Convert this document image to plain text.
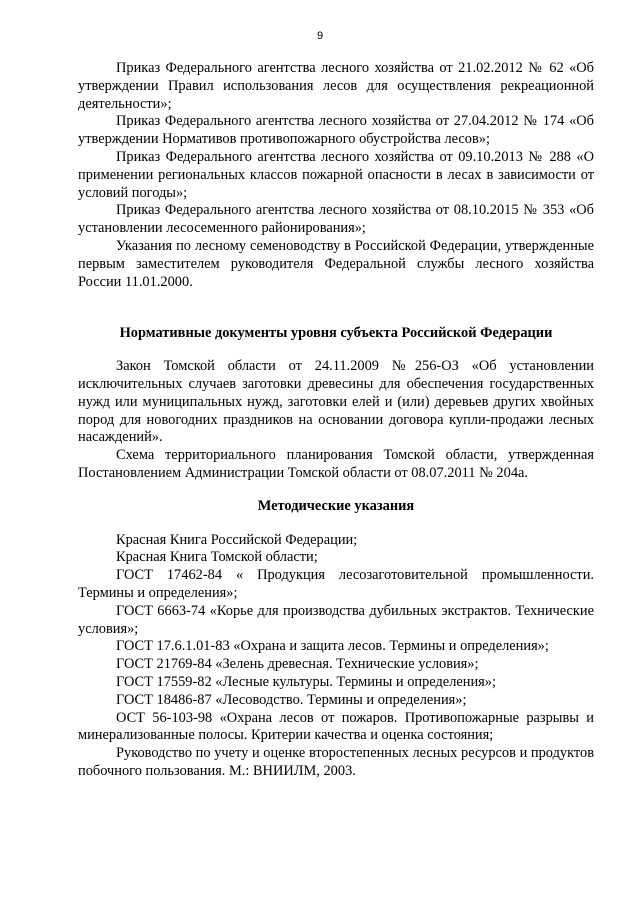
9

Приказ Федерального агентства лесного хозяйства от 21.02.2012 № 62 «Об утверждении Правил использования лесов для осуществления рекреационной деятельности»;

Приказ Федерального агентства лесного хозяйства от 27.04.2012 № 174 «Об утверждении Нормативов противопожарного обустройства лесов»;

Приказ Федерального агентства лесного хозяйства от 09.10.2013 № 288 «О применении региональных классов пожарной опасности в лесах в зависимости от условий погоды»;

Приказ Федерального агентства лесного хозяйства от 08.10.2015 № 353 «Об установлении лесосеменного районирования»;

Указания по лесному семеноводству в Российской Федерации, утвержденные первым заместителем руководителя Федеральной службы лесного хозяйства России 11.01.2000.

Нормативные документы уровня субъекта Российской Федерации

Закон Томской области от 24.11.2009 №256-ОЗ «Об установлении исключительных случаев заготовки древесины для обеспечения государственных нужд или муниципальных нужд, заготовки елей и (или) деревьев других хвойных пород для новогодних праздников на основании договора купли-продажи лесных насаждений».

Схема территориального планирования Томской области, утвержденная Постановлением Администрации Томской области от 08.07.2011 № 204а.

Методические указания

Красная Книга Российской Федерации;

Красная Книга Томской области;

ГОСТ 17462-84 « Продукция лесозаготовительной промышленности. Термины и определения»;

ГОСТ 6663-74 «Корье для производства дубильных экстрактов. Технические условия»;

ГОСТ 17.6.1.01-83 «Охрана и защита лесов. Термины и определения»;

ГОСТ 21769-84 «Зелень древесная. Технические условия»;

ГОСТ 17559-82 «Лесные культуры. Термины и определения»;

ГОСТ 18486-87 «Лесоводство. Термины и определения»;

ОСТ 56-103-98 «Охрана лесов от пожаров. Противопожарные разрывы и минерализованные полосы. Критерии качества и оценка состояния;

Руководство по учету и оценке второстепенных лесных ресурсов и продуктов побочного пользования. М.: ВНИИЛМ, 2003.
